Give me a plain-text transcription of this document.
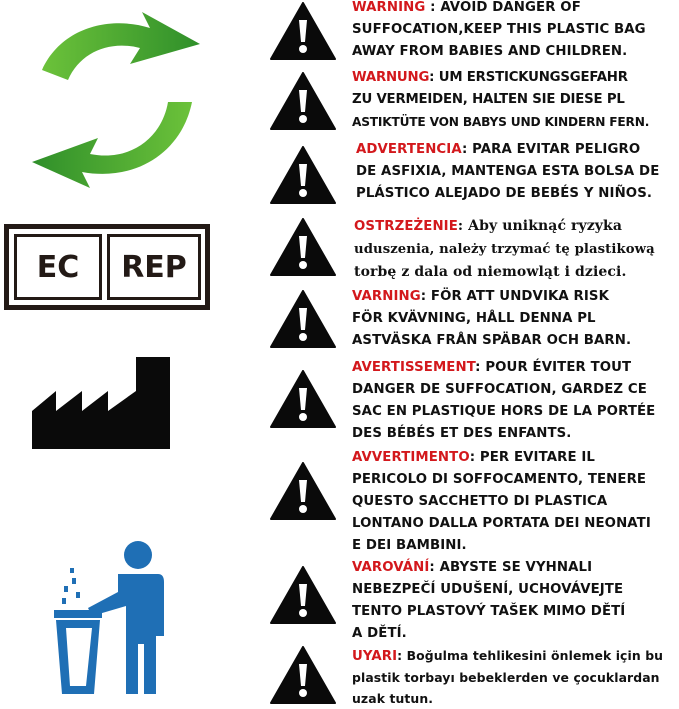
EC	REP
WARNING : AVOID DANGER OF
SUFFOCATION,KEEP THIS PLASTIC BAG
AWAY FROM BABIES AND CHILDREN.
WARNUNG: UM ERSTICKUNGSGEFAHR
ZU VERMEIDEN, HALTEN SIE DIESE PL
ASTIKTÜTE VON BABYS UND KINDERN FERN.
ADVERTENCIA: PARA EVITAR PELIGRO
DE ASFIXIA, MANTENGA ESTA BOLSA DE
PLÁSTICO ALEJADO DE BEBÉS Y NIÑOS.
OSTRZEŻENIE: Aby uniknąć ryzyka
uduszenia, należy trzymać tę plastikową
torbę z dala od niemowląt i dzieci.
VARNING: FÖR ATT UNDVIKA RISK
FÖR KVÄVNING, HÅLL DENNA PL
ASTVÄSKA FRÅN SPÄBAR OCH BARN.
AVERTISSEMENT: POUR ÉVITER TOUT
DANGER DE SUFFOCATION, GARDEZ CE
SAC EN PLASTIQUE HORS DE LA PORTÉE
DES BÉBÉS ET DES ENFANTS.
AVVERTIMENTO: PER EVITARE IL
PERICOLO DI SOFFOCAMENTO, TENERE
QUESTO SACCHETTO DI PLASTICA
LONTANO DALLA PORTATA DEI NEONATI
E DEI BAMBINI.
VAROVÁNÍ: ABYSTE SE VYHNALI
NEBEZPEČÍ UDUŠENÍ, UCHOVÁVEJTE
TENTO PLASTOVÝ TAŠEK MIMO DĚTÍ
A DĚTÍ.
UYARI: Boğulma tehlikesini önlemek için bu
plastik torbayı bebeklerden ve çocuklardan
uzak tutun.
